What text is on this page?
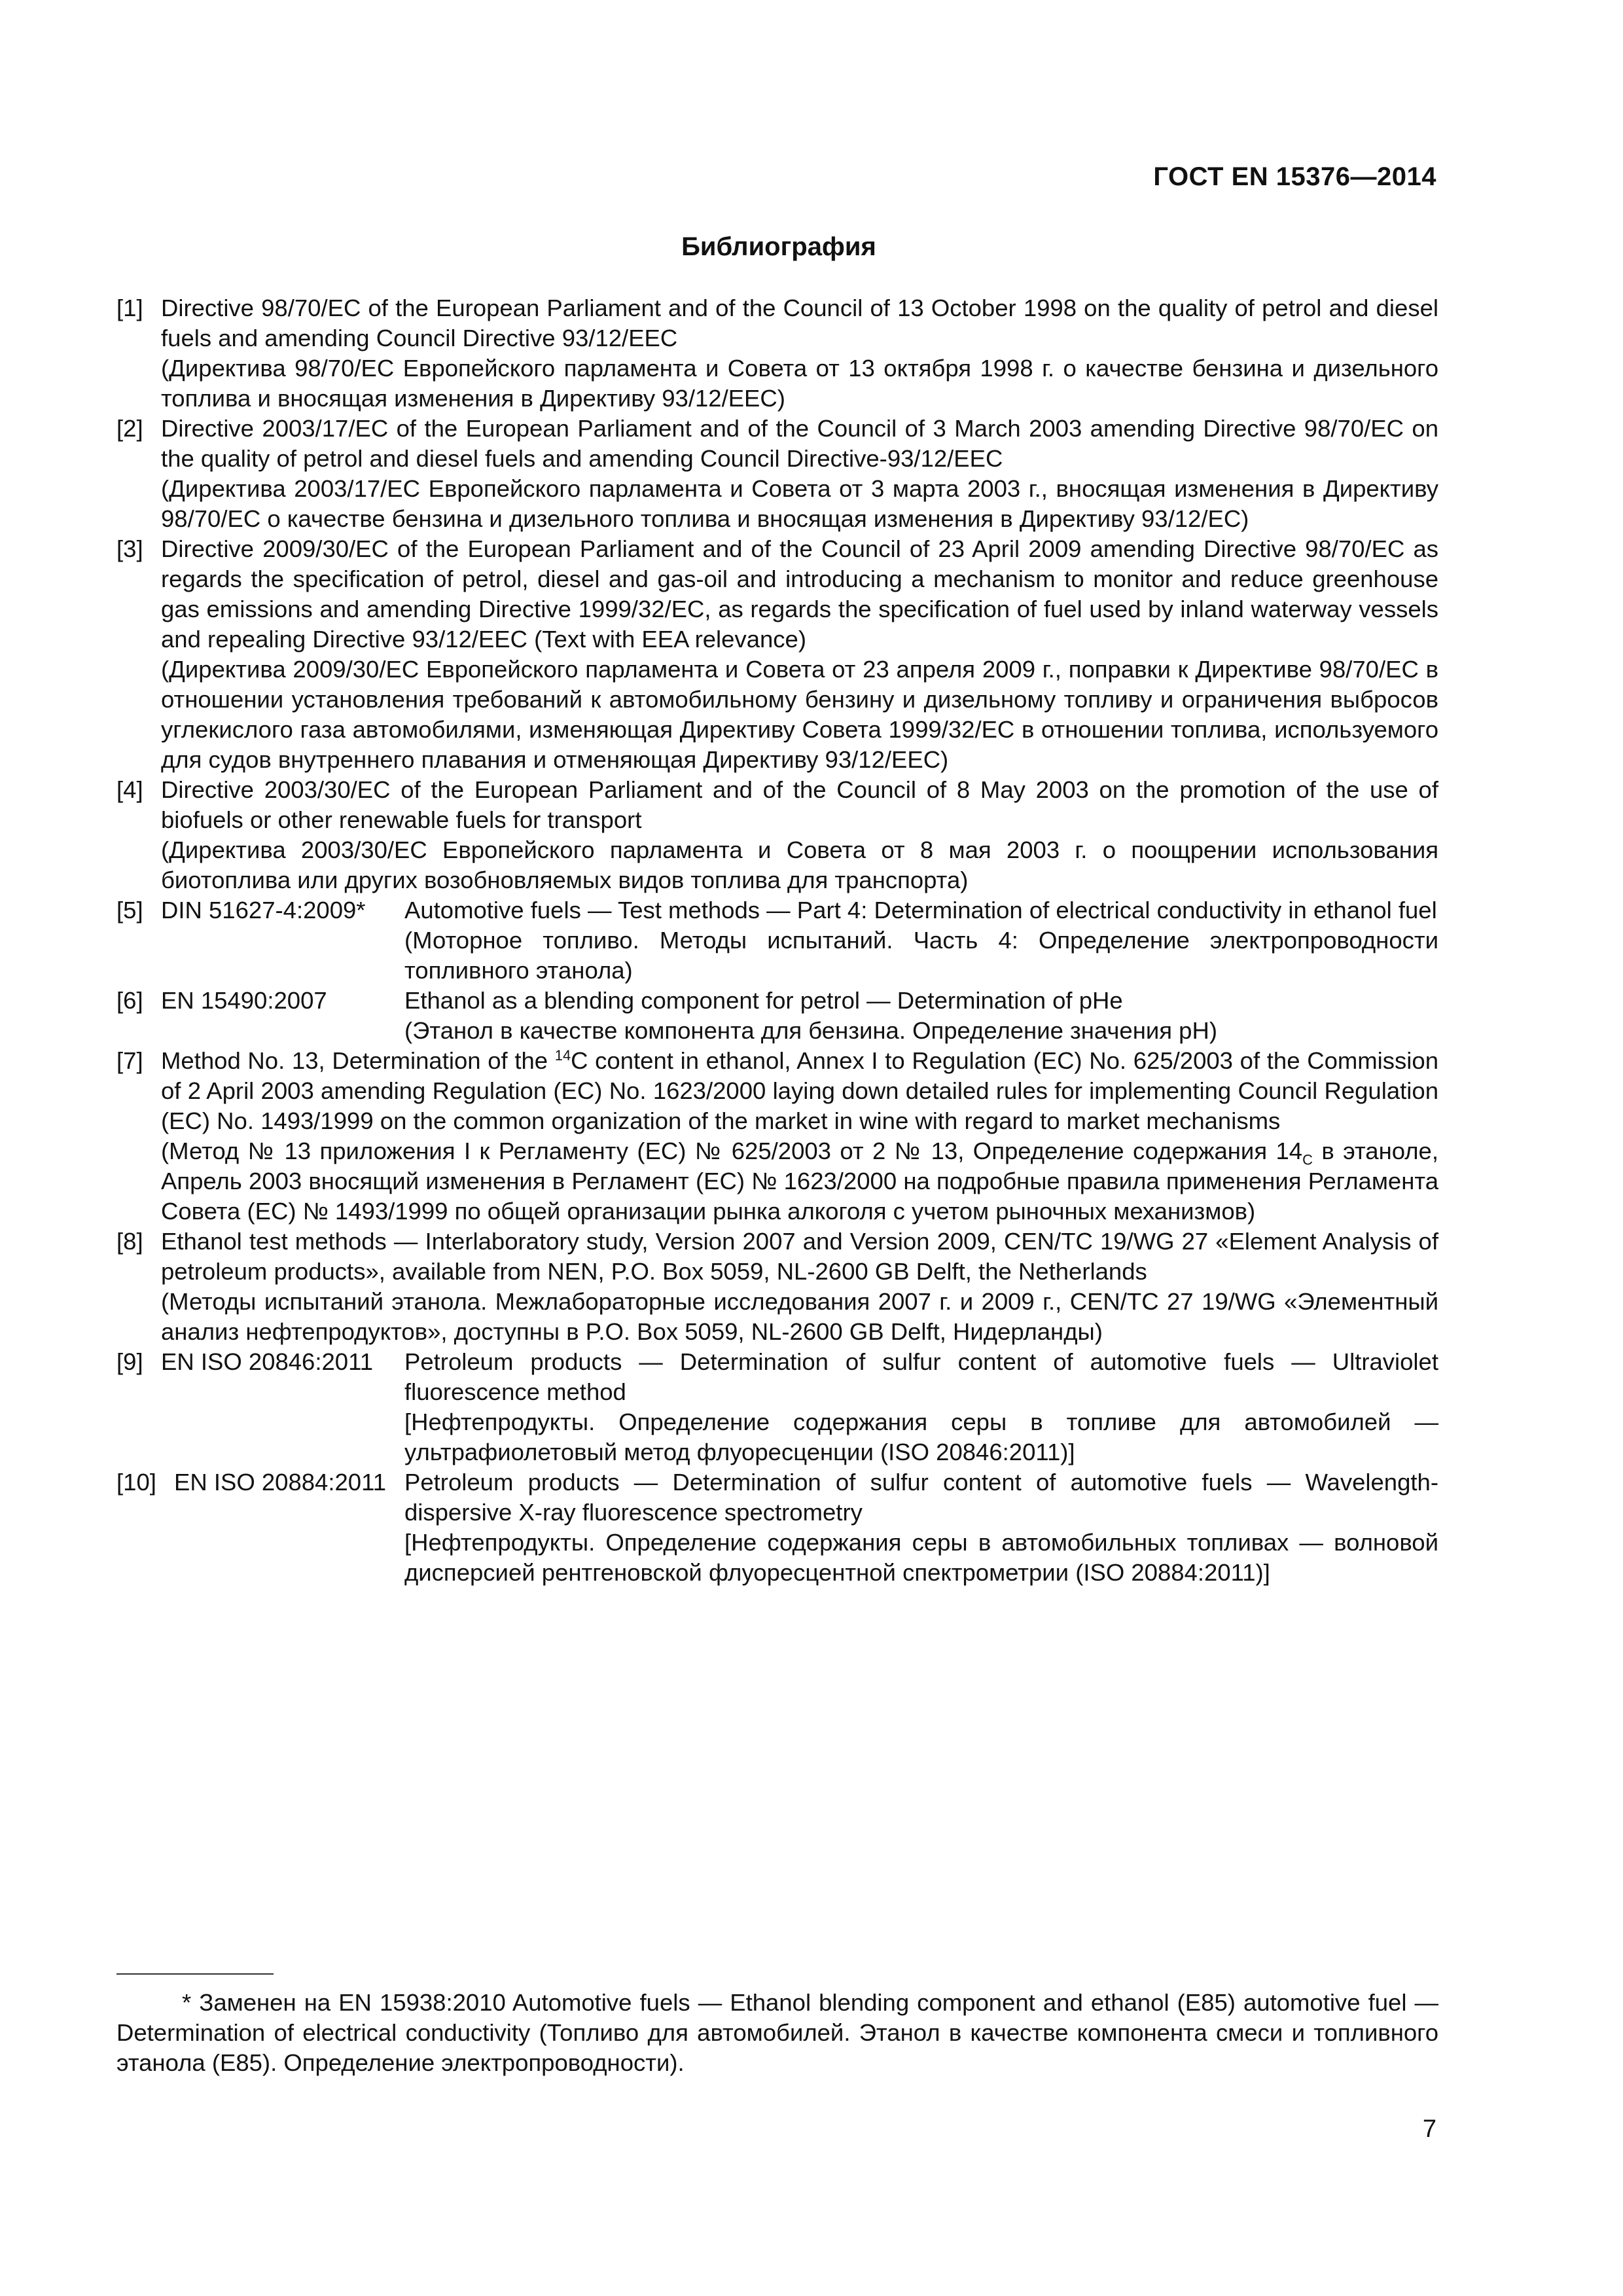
ГОСТ EN 15376—2014
Библиография
[1] Directive 98/70/EC of the European Parliament and of the Council of 13 October 1998 on the quality of petrol and diesel fuels and amending Council Directive 93/12/EEC

(Директива 98/70/EC Европейского парламента и Совета от 13 октября 1998 г. о качестве бензина и дизельного топлива и вносящая изменения в Директиву 93/12/EEC)

[2] Directive 2003/17/EC of the European Parliament and of the Council of 3 March 2003 amending Directive 98/70/EC on the quality of petrol and diesel fuels and amending Council Directive-93/12/EEC

(Директива 2003/17/EC Европейского парламента и Совета от 3 марта 2003 г., вносящая изменения в Директиву 98/70/EC о качестве бензина и дизельного топлива и вносящая изменения в Директиву 93/12/EC)

[3] Directive 2009/30/EC of the European Parliament and of the Council of 23 April 2009 amending Directive 98/70/EC as regards the specification of petrol, diesel and gas-oil and introducing a mechanism to monitor and reduce greenhouse gas emissions and amending Directive 1999/32/EC, as regards the specification of fuel used by inland waterway vessels and repealing Directive 93/12/EEC (Text with EEA relevance)

(Директива 2009/30/EC Европейского парламента и Совета от 23 апреля 2009 г., поправки к Директиве 98/70/EC в отношении установления требований к автомобильному бензину и дизельному топливу и ограничения выбросов углекислого газа автомобилями, изменяющая Директиву Совета 1999/32/EC в отношении топлива, используемого для судов внутреннего плавания и отменяющая Директиву 93/12/EEC)

[4] Directive 2003/30/EC of the European Parliament and of the Council of 8 May 2003 on the promotion of the use of biofuels or other renewable fuels for transport

(Директива 2003/30/EC Европейского парламента и Совета от 8 мая 2003 г. о поощрении использования биотоплива или других возобновляемых видов топлива для транспорта)

[5] DIN 51627-4:2009*	Automotive fuels — Test methods — Part 4: Determination of electrical conductivity in ethanol fuel

(Моторное топливо. Методы испытаний. Часть 4: Определение электропроводности топливного этанола)

[6] EN 15490:2007	Ethanol as a blending component for petrol — Determination of pHe

(Этанол в качестве компонента для бензина. Определение значения pH)

[7] Method No. 13, Determination of the $^{14}$C content in ethanol, Annex I to Regulation (EC) No. 625/2003 of the Commission of 2 April 2003 amending Regulation (EC) No. 1623/2000 laying down detailed rules for implementing Council Regulation (EC) No. 1493/1999 on the common organization of the market in wine with regard to market mechanisms

(Метод № 13 приложения I к Регламенту (ЕС) № 625/2003 от 2 № 13, Определение содержания $14_C$ в этаноле, Апрель 2003 вносящий изменения в Регламент (ЕС) № 1623/2000 на подробные правила применения Регламента Совета (ЕС) № 1493/1999 по общей организации рынка алкоголя с учетом рыночных механизмов)

[8] Ethanol test methods — Interlaboratory study, Version 2007 and Version 2009, CEN/TC 19/WG 27 «Element Analysis of petroleum products», available from NEN, P.O. Box 5059, NL-2600 GB Delft, the Netherlands

(Методы испытаний этанола. Межлабораторные исследования 2007 г. и 2009 г., CEN/TC 27 19/WG «Элементный анализ нефтепродуктов», доступны в P.O. Box 5059, NL-2600 GB Delft, Нидерланды)

[9] EN ISO 20846:2011	Petroleum products — Determination of sulfur content of automotive fuels — Ultraviolet fluorescence method

[Нефтепродукты. Определение содержания серы в топливе для автомобилей — ультрафиолетовый метод флуоресценции (ISO 20846:2011)]

[10] EN ISO 20884:2011 Petroleum products — Determination of sulfur content of automotive fuels — Wavelength-dispersive X-ray fluorescence spectrometry

[Нефтепродукты. Определение содержания серы в автомобильных топливах — волновой дисперсией рентгеновской флуоресцентной спектрометрии (ISO 20884:2011)]

* Заменен на EN 15938:2010 Automotive fuels — Ethanol blending component and ethanol (E85) automotive fuel — Determination of electrical conductivity (Топливо для автомобилей. Этанол в качестве компонента смеси и топливного этанола (E85). Определение электропроводности).

7
